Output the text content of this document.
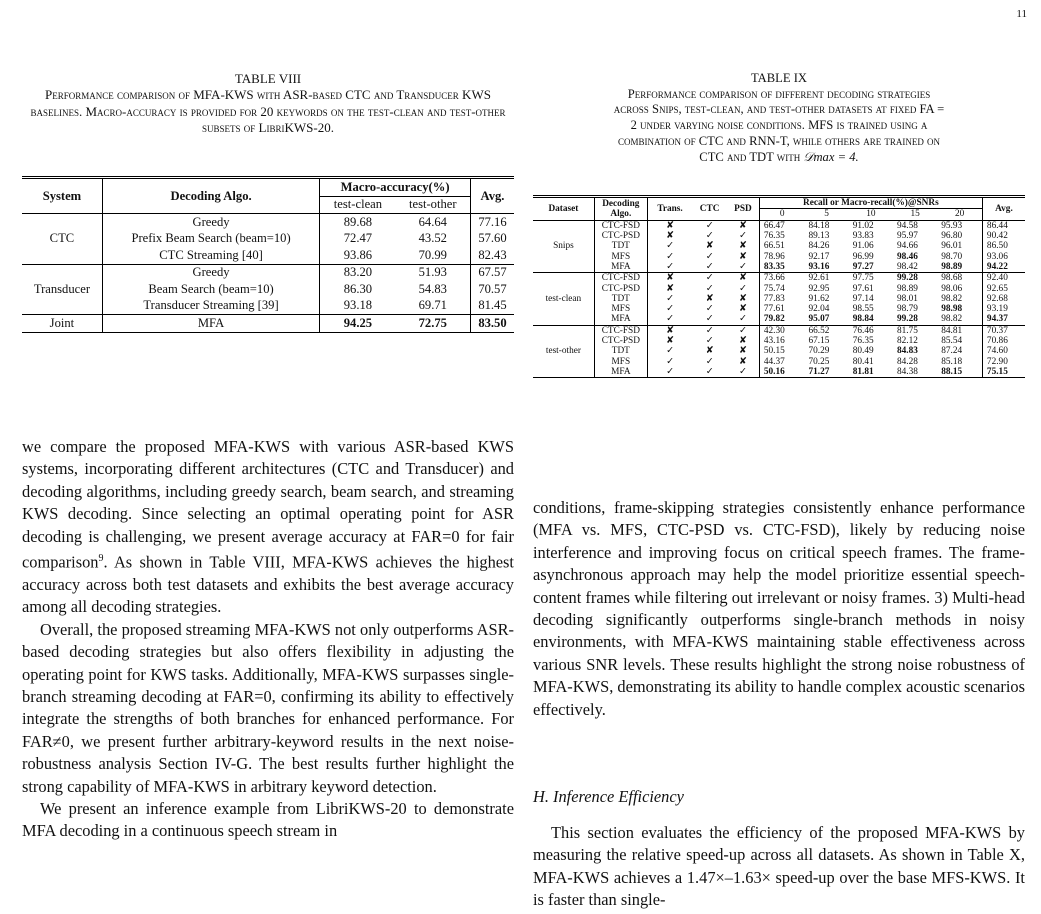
11
TABLE VIII
Performance comparison of MFA-KWS with ASR-based CTC and Transducer KWS baselines. Macro-accuracy is provided for 20 keywords on the test-clean and test-other subsets of LibriKWS-20.
System	Decoding Algo.	Macro-accuracy(%)		Avg.
		test-clean	test-other	
CTC	Greedy	89.68	64.64	77.16
	Prefix Beam Search (beam=10)	72.47	43.52	57.60
	CTC Streaming [40]	93.86	70.99	82.43
Transducer	Greedy	83.20	51.93	67.57
	Beam Search (beam=10)	86.30	54.83	70.57
	Transducer Streaming [39]	93.18	69.71	81.45
Joint	MFA	94.25	72.75	83.50
TABLE IX
Performance comparison of different decoding strategies
across Snips, test-clean, and test-other datasets at fixed FA =
2 under varying noise conditions. MFS is trained using a
combination of CTC and RNN-T, while others are trained on
CTC and TDT with 𝒟max = 4.
Dataset	Decoding Algo.	Trans.	CTC	PSD	Recall or Macro-recall(%)@SNRs					Avg.
					0	5	10	15	20	
Snips	CTC-FSD	✘	✓	✘	66.47	84.18	91.02	94.58	95.93	86.44
	CTC-PSD	✘	✓	✓	76.35	89.13	93.83	95.97	96.80	90.42
	TDT	✓	✘	✘	66.51	84.26	91.06	94.66	96.01	86.50
	MFS	✓	✓	✘	78.96	92.17	96.99	98.46	98.70	93.06
	MFA	✓	✓	✓	83.35	93.16	97.27	98.42	98.89	94.22
test-clean	CTC-FSD	✘	✓	✘	73.66	92.61	97.75	99.28	98.68	92.40
	CTC-PSD	✘	✓	✓	75.74	92.95	97.61	98.89	98.06	92.65
	TDT	✓	✘	✘	77.83	91.62	97.14	98.01	98.82	92.68
	MFS	✓	✓	✘	77.61	92.04	98.55	98.79	98.98	93.19
	MFA	✓	✓	✓	79.82	95.07	98.84	99.28	98.82	94.37
test-other	CTC-FSD	✘	✓	✓	42.30	66.52	76.46	81.75	84.81	70.37
	CTC-PSD	✘	✓	✘	43.16	67.15	76.35	82.12	85.54	70.86
	TDT	✓	✘	✘	50.15	70.29	80.49	84.83	87.24	74.60
	MFS	✓	✓	✘	44.37	70.25	80.41	84.28	85.18	72.90
	MFA	✓	✓	✓	50.16	71.27	81.81	84.38	88.15	75.15

we compare the proposed MFA-KWS with various ASR-based KWS systems, incorporating different architectures (CTC and Transducer) and decoding algorithms, including greedy search, beam search, and streaming KWS decoding. Since selecting an optimal operating point for ASR decoding is challenging, we present average accuracy at FAR=0 for fair comparison$^9$. As shown in Table VIII, MFA-KWS achieves the highest accuracy across both test datasets and exhibits the best average accuracy among all decoding strategies.

Overall, the proposed streaming MFA-KWS not only outperforms ASR-based decoding strategies but also offers flexibility in adjusting the operating point for KWS tasks. Additionally, MFA-KWS surpasses single-branch streaming decoding at FAR=0, confirming its ability to effectively integrate the strengths of both branches for enhanced performance. For FAR≠0, we present further arbitrary-keyword results in the next noise-robustness analysis Section IV-G. The best results further highlight the strong capability of MFA-KWS in arbitrary keyword detection.

We present an inference example from LibriKWS-20 to demonstrate MFA decoding in a continuous speech stream in

conditions, frame-skipping strategies consistently enhance performance (MFA vs. MFS, CTC-PSD vs. CTC-FSD), likely by reducing noise interference and improving focus on critical speech frames. The frame-asynchronous approach may help the model prioritize essential speech-content frames while filtering out irrelevant or noisy frames. 3) Multi-head decoding significantly outperforms single-branch methods in noisy environments, with MFA-KWS maintaining stable effectiveness across various SNR levels. These results highlight the strong noise robustness of MFA-KWS, demonstrating its ability to handle complex acoustic scenarios effectively.

H. Inference Efficiency

This section evaluates the efficiency of the proposed MFA-KWS by measuring the relative speed-up across all datasets. As shown in Table X, MFA-KWS achieves a 1.47×–1.63× speed-up over the base MFS-KWS. It is faster than single-
